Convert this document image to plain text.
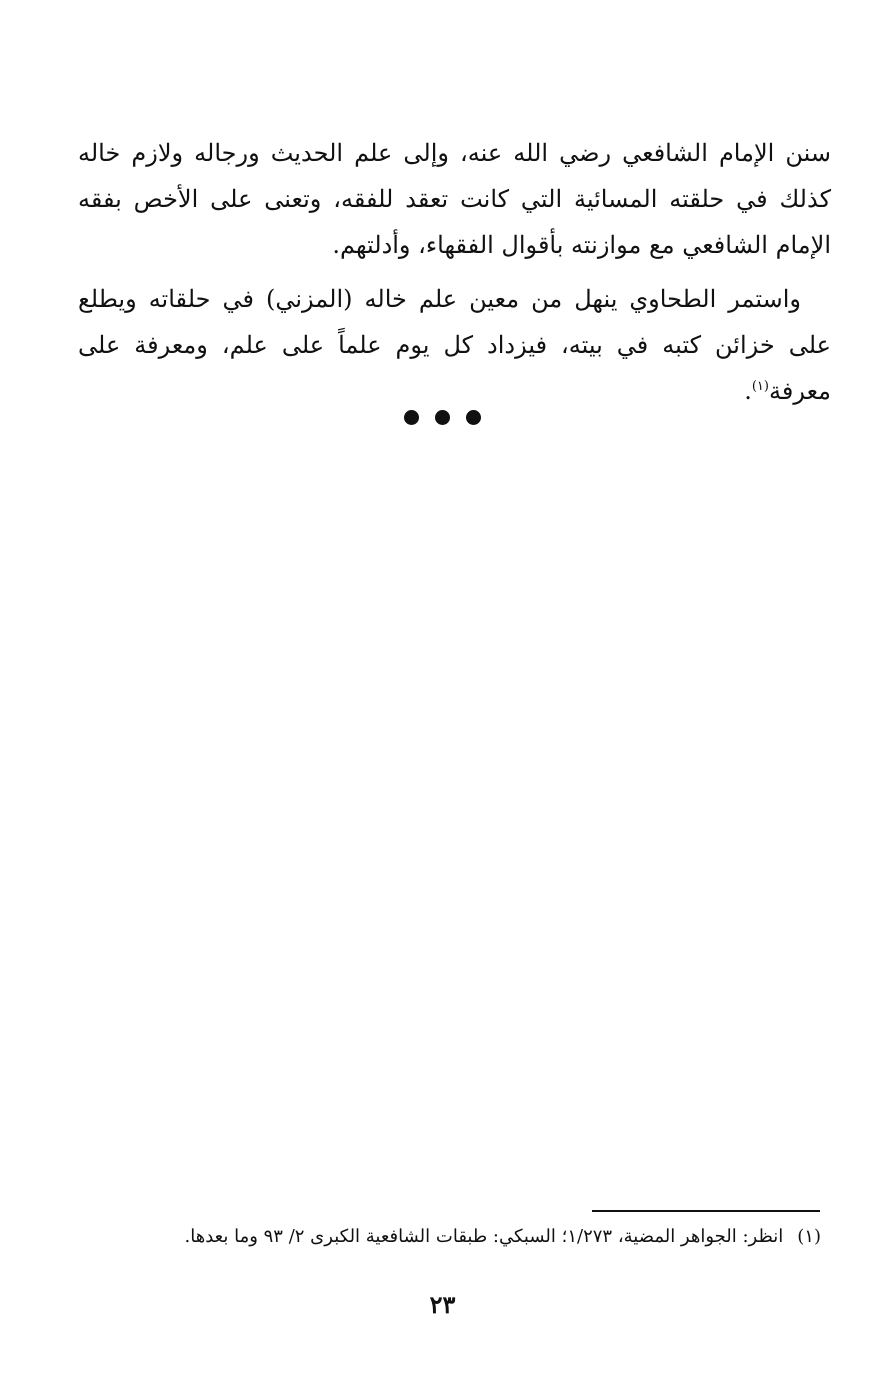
سنن الإمام الشافعي رضي الله عنه، وإلى علم الحديث ورجاله ولازم خاله كذلك في حلقته المسائية التي كانت تعقد للفقه، وتعنى على الأخص بفقه الإمام الشافعي مع موازنته بأقوال الفقهاء، وأدلتهم.

واستمر الطحاوي ينهل من معين علم خاله (المزني) في حلقاته ويطلع على خزائن كتبه في بيته، فيزداد كل يوم علماً على علم، ومعرفة على معرفة$^{(١)}$.

(١)انظر: الجواهر المضية، ١/٢٧٣؛ السبكي: طبقات الشافعية الكبرى ٢/ ٩٣ وما بعدها.
٢٣
